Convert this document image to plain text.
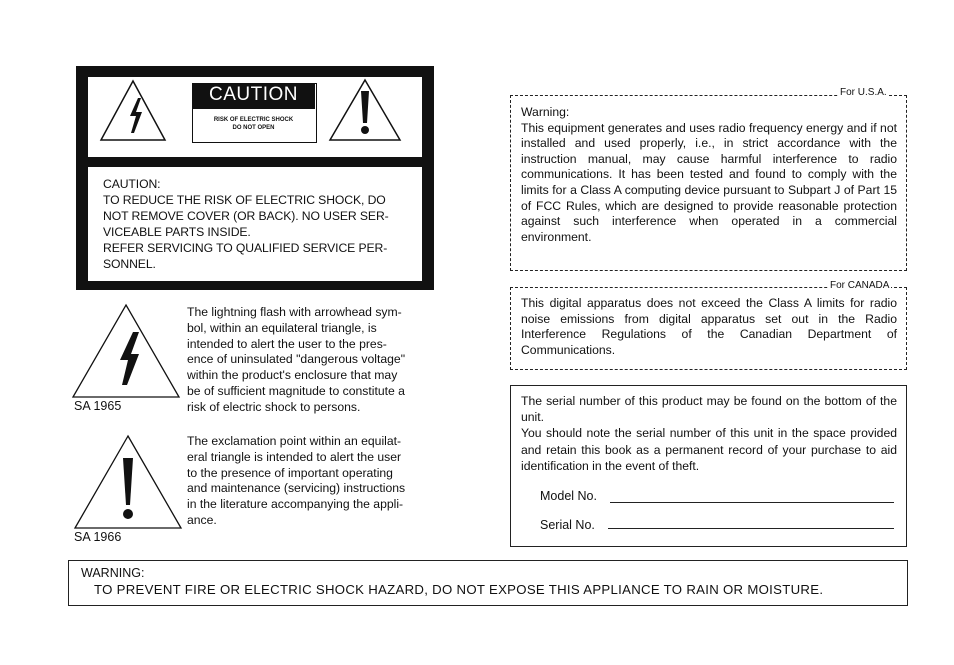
CAUTION
RISK OF ELECTRIC SHOCK
DO NOT OPEN
CAUTION:
TO REDUCE THE RISK OF ELECTRIC SHOCK, DO
NOT REMOVE COVER (OR BACK). NO USER SER-
VICEABLE PARTS INSIDE.
REFER SERVICING TO QUALIFIED SERVICE PER-
SONNEL.
SA 1965
The lightning flash with arrowhead sym-
bol, within an equilateral triangle, is
intended to alert the user to the pres-
ence of uninsulated "dangerous voltage"
within the product's enclosure that may
be of sufficient magnitude to constitute a
risk of electric shock to persons.
SA 1966
The exclamation point within an equilat-
eral triangle is intended to alert the user
to the presence of important operating
and maintenance (servicing) instructions
in the literature accompanying the appli-
ance.
For U.S.A.
Warning:
This equipment generates and uses radio frequency energy and if not installed and used properly, i.e., in strict accordance with the instruction manual, may cause harmful interference to radio communications. It has been tested and found to comply with the limits for a Class A computing device pursuant to Subpart J of Part 15 of FCC Rules, which are designed to provide reasonable protection against such interference when operated in a commercial environment.
For CANADA
This digital apparatus does not exceed the Class A limits for radio noise emissions from digital apparatus set out in the Radio Interference Regulations of the Canadian Department of Communications.
The serial number of this product may be found on the bottom of the unit.
You should note the serial number of this unit in the space provided and retain this book as a permanent record of your purchase to aid identification in the event of theft.
Model No.
Serial No.
WARNING:
TO PREVENT FIRE OR ELECTRIC SHOCK HAZARD, DO NOT EXPOSE THIS APPLIANCE TO RAIN OR MOISTURE.
